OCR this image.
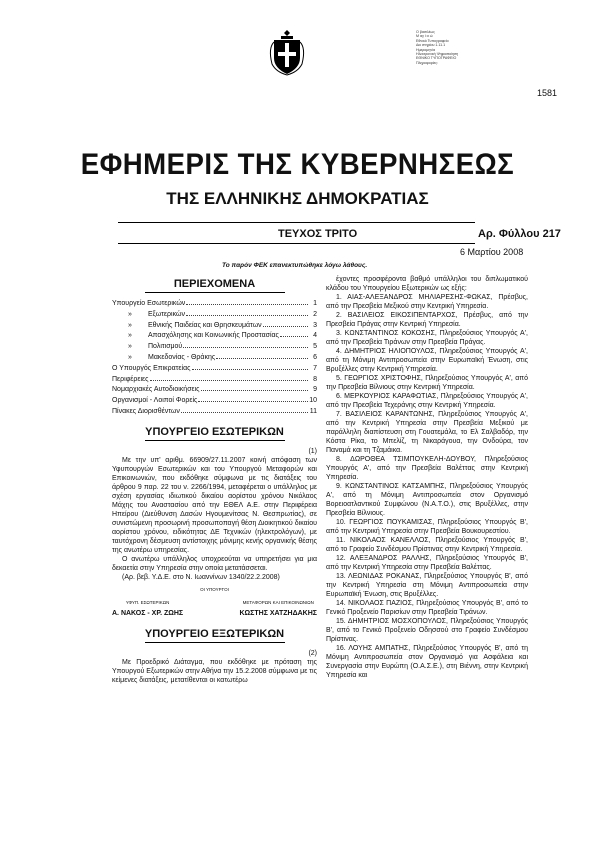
Ο βασιλέως
Μ αγ ί α ώ
Εθνικό Τυπογραφείο
Δικ στηρίου 1.11.1
Ημερομηνία
Ηλεκτρονική Ψηφιοποίηση
ΕΘΝΙΚΟ ΤΥΠΟΓΡΑΦΕΙΟ
Πληροφορίες:
1581
ΕΦΗΜΕΡΙΣ ΤΗΣ ΚΥΒΕΡΝΗΣΕΩΣ
ΤΗΣ ΕΛΛΗΝΙΚΗΣ ΔΗΜΟΚΡΑΤΙΑΣ
ΤΕΥΧΟΣ ΤΡΙΤΟ	Αρ. Φύλλου 217
6 Μαρτίου 2008
Το παρόν ΦΕΚ επανεκτυπώθηκε λόγω λάθους.
ΠΕΡΙΕΧΟΜΕΝΑ
Υπουργείο Εσωτερικών	1
» Εξωτερικών	2
» Εθνικής Παιδείας και Θρησκευμάτων	3
» Απασχόλησης και Κοινωνικής Προστασίας	4
» Πολιτισμού	5
» Μακεδονίας - Θράκης	6
Ο Υπουργός Επικρατείας	7
Περιφέρειες	8
Νομαρχιακές Αυτοδιοικήσεις	9
Οργανισμοί - Λοιποί Φορείς	10
Πίνακες Διορισθέντων	11
ΥΠΟΥΡΓΕΙΟ ΕΣΩΤΕΡΙΚΩΝ
(1)

Με την υπ' αριθμ. 66909/27.11.2007 κοινή απόφαση των Υφυπουργών Εσωτερικών και του Υπουργού Μεταφορών και Επικοινωνιών, που εκδόθηκε σύμφωνα με τις διατάξεις του άρθρου 9 παρ. 22 του ν. 2266/1994, μεταφέρεται ο υπάλληλος με σχέση εργασίας ιδιωτικού δικαίου αορίστου χρόνου Νικόλαος Μάχης του Αναστασίου από την ΕΘΕΛ Α.Ε. στην Περιφέρεια Ηπείρου (Διεύθυνση Δασών Ηγουμενίτσας Ν. Θεσπρωτίας), σε συνιστώμενη προσωρινή προσωποπαγή θέση Διοικητικού δικαίου αορίστου χρόνου, ειδικότητας ΔΕ Τεχνικών (ηλεκτρολόγων), με ταυτόχρονη δέσμευση αντίστοιχης μόνιμης κενής οργανικής θέσης της ανωτέρω υπηρεσίας.

Ο ανωτέρω υπάλληλος υποχρεούται να υπηρετήσει για μια δεκαετία στην Υπηρεσία στην οποία μετατάσσεται.

(Αρ. βεβ. Υ.Δ.Ε. στο Ν. Ιωαννίνων 1340/22.2.2008)

ΟΙ ΥΠΟΥΡΓΟΙ
ΥΦΥΠ. ΕΣΩΤΕΡΙΚΩΝ
Α. ΝΑΚΟΣ - ΧΡ. ΖΩΗΣ
ΜΕΤΑΦΟΡΩΝ ΚΑΙ ΕΠΙΚΟΙΝΩΝΙΩΝ
ΚΩΣΤΗΣ ΧΑΤΖΗΔΑΚΗΣ
ΥΠΟΥΡΓΕΙΟ ΕΞΩΤΕΡΙΚΩΝ
(2)

Με Προεδρικό Διάταγμα, που εκδόθηκε με πρόταση της Υπουργού Εξωτερικών στην Αθήνα την 15.2.2008 σύμφωνα με τις κείμενες διατάξεις, μετατίθενται οι κατωτέρω

έχοντες προσφέροντα βαθμό υπάλληλοι του διπλωματικού κλάδου του Υπουργείου Εξωτερικών ως εξής:

1. ΑΙΑΣ-ΑΛΕΞΑΝΔΡΟΣ ΜΗΛΙΑΡΕΣΗΣ-ΦΩΚΑΣ, Πρέσβυς, από την Πρεσβεία Μεξικού στην Κεντρική Υπηρεσία.

2. ΒΑΣΙΛΕΙΟΣ ΕΙΚΟΣΙΠΕΝΤΑΡΧΟΣ, Πρέσβυς, από την Πρεσβεία Πράγας στην Κεντρική Υπηρεσία.

3. ΚΩΝΣΤΑΝΤΙΝΟΣ ΚΟΚΟΣΗΣ, Πληρεξούσιος Υπουργός Α', από την Πρεσβεία Τιράνων στην Πρεσβεία Πράγας.

4. ΔΗΜΗΤΡΙΟΣ ΗΛΙΟΠΟΥΛΟΣ, Πληρεξούσιος Υπουργός Α', από τη Μόνιμη Αντιπροσωπεία στην Ευρωπαϊκή Ένωση, στις Βρυξέλλες στην Κεντρική Υπηρεσία.

5. ΓΕΩΡΓΙΟΣ ΧΡΙΣΤΟΦΗΣ, Πληρεξούσιος Υπουργός Α', από την Πρεσβεία Βίλνιους στην Κεντρική Υπηρεσία.

6. ΜΕΡΚΟΥΡΙΟΣ ΚΑΡΑΦΩΤΙΑΣ, Πληρεξούσιος Υπουργός Α', από την Πρεσβεία Τεχεράνης στην Κεντρική Υπηρεσία.

7. ΒΑΣΙΛΕΙΟΣ ΚΑΡΑΝΤΩΝΗΣ, Πληρεξούσιος Υπουργός Α', από την Κεντρική Υπηρεσία στην Πρεσβεία Μεξικού με παράλληλη διαπίστευση στη Γουατεμάλα, το Ελ Σαλβαδόρ, την Κόστα Ρίκα, το Μπελίζ, τη Νικαράγουα, την Ονδούρα, τον Παναμά και τη Τζαμάικα.

8. ΔΩΡΟΘΕΑ ΤΣΙΜΠΟΥΚΕΛΗ-ΔΟΥΒΟΥ, Πληρεξούσιος Υπουργός Α', από την Πρεσβεία Βαλέττας στην Κεντρική Υπηρεσία.

9. ΚΩΝΣΤΑΝΤΙΝΟΣ ΚΑΤΣΑΜΠΗΣ, Πληρεξούσιος Υπουργός Α', από τη Μόνιμη Αντιπροσωπεία στον Οργανισμό Βορειοατλαντικού Συμφώνου (Ν.Α.Τ.Ο.), στις Βρυξέλλες, στην Πρεσβεία Βίλνιους.

10. ΓΕΩΡΓΙΟΣ ΠΟΥΚΑΜΙΣΑΣ, Πληρεξούσιος Υπουργός Β', από την Κεντρική Υπηρεσία στην Πρεσβεία Βουκουρεστίου.

11. ΝΙΚΟΛΑΟΣ ΚΑΝΕΛΛΟΣ, Πληρεξούσιος Υπουργός Β', από το Γραφείο Συνδέσμου Πρίστινας στην Κεντρική Υπηρεσία.

12. ΑΛΕΞΑΝΔΡΟΣ ΡΑΛΛΗΣ, Πληρεξούσιος Υπουργός Β', από την Κεντρική Υπηρεσία στην Πρεσβεία Βαλέττας.

13. ΛΕΩΝΙΔΑΣ ΡΟΚΑΝΑΣ, Πληρεξούσιος Υπουργός Β', από την Κεντρική Υπηρεσία στη Μόνιμη Αντιπροσωπεία στην Ευρωπαϊκή Ένωση, στις Βρυξέλλες.

14. ΝΙΚΟΛΑΟΣ ΠΑΖΙΟΣ, Πληρεξούσιος Υπουργός Β', από το Γενικό Προξενείο Παρισίων στην Πρεσβεία Τιράνων.

15. ΔΗΜΗΤΡΙΟΣ ΜΟΣΧΟΠΟΥΛΟΣ, Πληρεξούσιος Υπουργός Β', από το Γενικό Προξενείο Οδησσού στο Γραφείο Συνδέσμου Πρίστινας.

16. ΛΟΥΗΣ ΑΜΠΑΤΗΣ, Πληρεξούσιος Υπουργός Β', από τη Μόνιμη Αντιπροσωπεία στον Οργανισμό για Ασφάλεια και Συνεργασία στην Ευρώπη (Ο.Α.Σ.Ε.), στη Βιέννη, στην Κεντρική Υπηρεσία και
